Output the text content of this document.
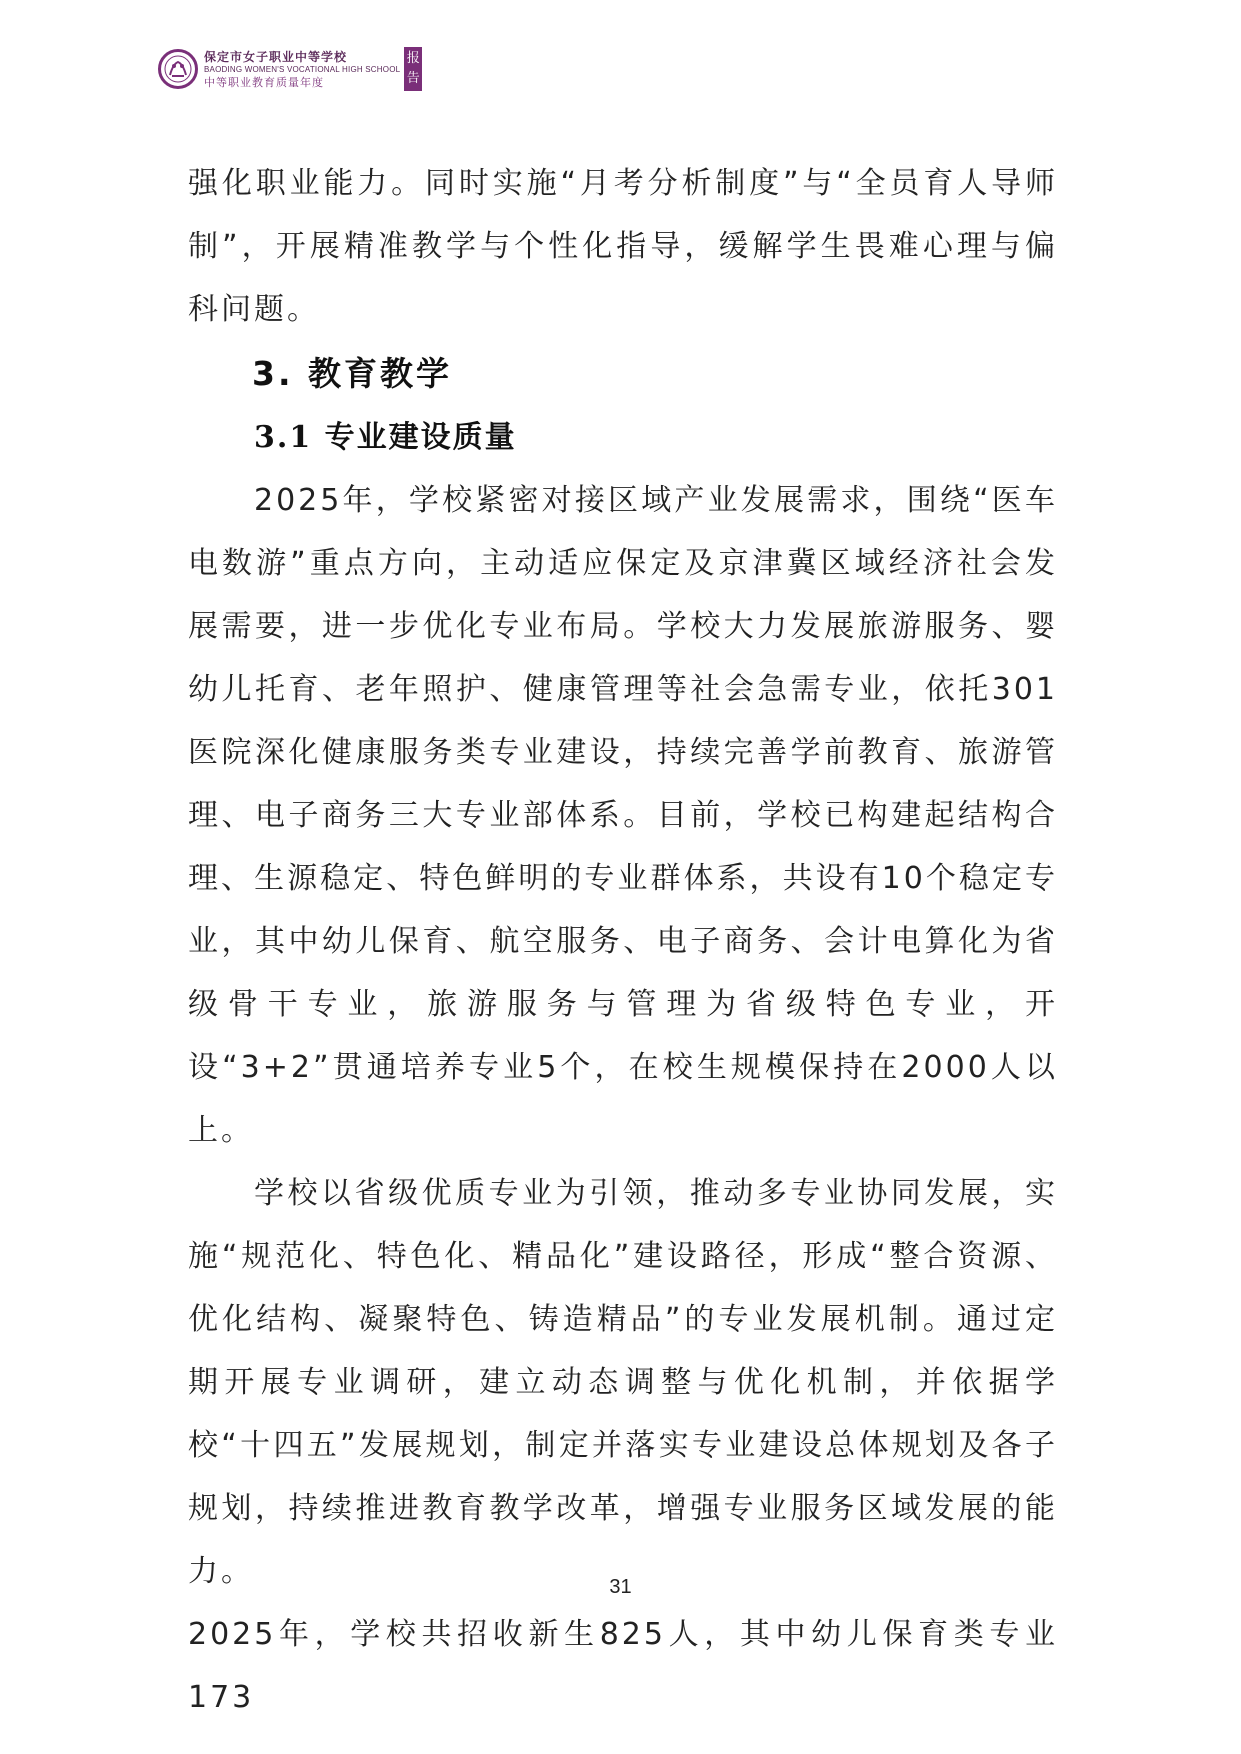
保定市女子职业中等学校
BAODING WOMEN'S VOCATIONAL HIGH SCHOOL
中等职业教育质量年度
报
告

强化职业能力。同时实施“月考分析制度”与“全员育人导师制”，开展精准教学与个性化指导，缓解学生畏难心理与偏科问题。

3. 教育教学
3.1 专业建设质量

2025年，学校紧密对接区域产业发展需求，围绕“医车电数游”重点方向，主动适应保定及京津冀区域经济社会发展需要，进一步优化专业布局。学校大力发展旅游服务、婴幼儿托育、老年照护、健康管理等社会急需专业，依托301医院深化健康服务类专业建设，持续完善学前教育、旅游管理、电子商务三大专业部体系。目前，学校已构建起结构合理、生源稳定、特色鲜明的专业群体系，共设有10个稳定专业，其中幼儿保育、航空服务、电子商务、会计电算化为省级骨干专业，旅游服务与管理为省级特色专业，开设“3+2”贯通培养专业5个，在校生规模保持在2000人以上。

学校以省级优质专业为引领，推动多专业协同发展，实施“规范化、特色化、精品化”建设路径，形成“整合资源、优化结构、凝聚特色、铸造精品”的专业发展机制。通过定期开展专业调研，建立动态调整与优化机制，并依据学校“十四五”发展规划，制定并落实专业建设总体规划及各子规划，持续推进教育教学改革，增强专业服务区域发展的能力。

2025年，学校共招收新生825人，其中幼儿保育类专业173

31
